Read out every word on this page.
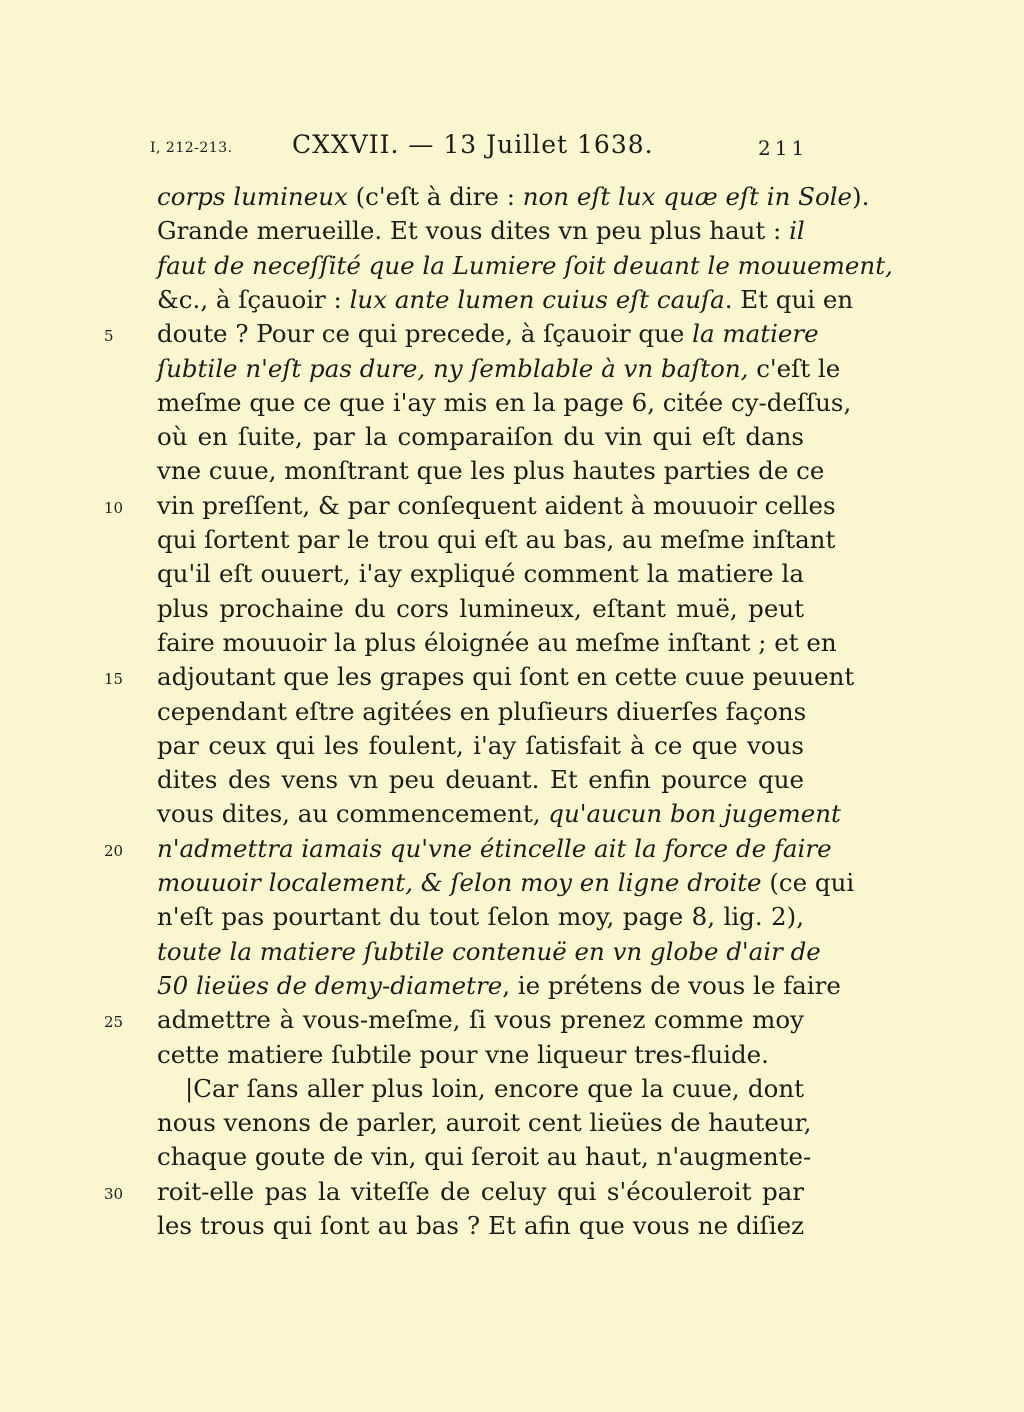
I, 212-213. CXXVII. — 13 Juillet 1638.	211
corps lumineux (c'eſt à dire : non eſt lux quæ eſt in Sole).
Grande merueille. Et vous dites vn peu plus haut : il
faut de neceſſité que la Lumiere ſoit deuant le mouuement,
&c., à ſçauoir : lux ante lumen cuius eſt cauſa. Et qui en
doute ? Pour ce qui precede, à ſçauoir que la matiere
5
ſubtile n'eſt pas dure, ny ſemblable à vn baſton, c'eſt le
meſme que ce que i'ay mis en la page 6, citée cy-deſſus,
où en ſuite, par la comparaiſon du vin qui eſt dans
vne cuue, monſtrant que les plus hautes parties de ce
vin preſſent, & par conſequent aident à mouuoir celles
10
qui ſortent par le trou qui eſt au bas, au meſme inſtant
qu'il eſt ouuert, i'ay expliqué comment la matiere la
plus prochaine du cors lumineux, eſtant muë, peut
faire mouuoir la plus éloignée au meſme inſtant ; et en
adjoutant que les grapes qui ſont en cette cuue peuuent
15
cependant eſtre agitées en pluſieurs diuerſes façons
par ceux qui les foulent, i'ay ſatisfait à ce que vous
dites des vens vn peu deuant. Et enfin pource que
vous dites, au commencement, qu'aucun bon jugement
n'admettra iamais qu'vne étincelle ait la force de faire
20
mouuoir localement, & ſelon moy en ligne droite (ce qui
n'eſt pas pourtant du tout ſelon moy, page 8, lig. 2),
toute la matiere ſubtile contenuë en vn globe d'air de
50 lieües de demy-diametre, ie prétens de vous le faire
admettre à vous-meſme, ſi vous prenez comme moy
25
cette matiere ſubtile pour vne liqueur tres-fluide.
|Car ſans aller plus loin, encore que la cuue, dont
nous venons de parler, auroit cent lieües de hauteur,
chaque goute de vin, qui ſeroit au haut, n'augmente-
roit-elle pas la viteſſe de celuy qui s'écouleroit par
30
les trous qui ſont au bas ? Et afin que vous ne diſiez
